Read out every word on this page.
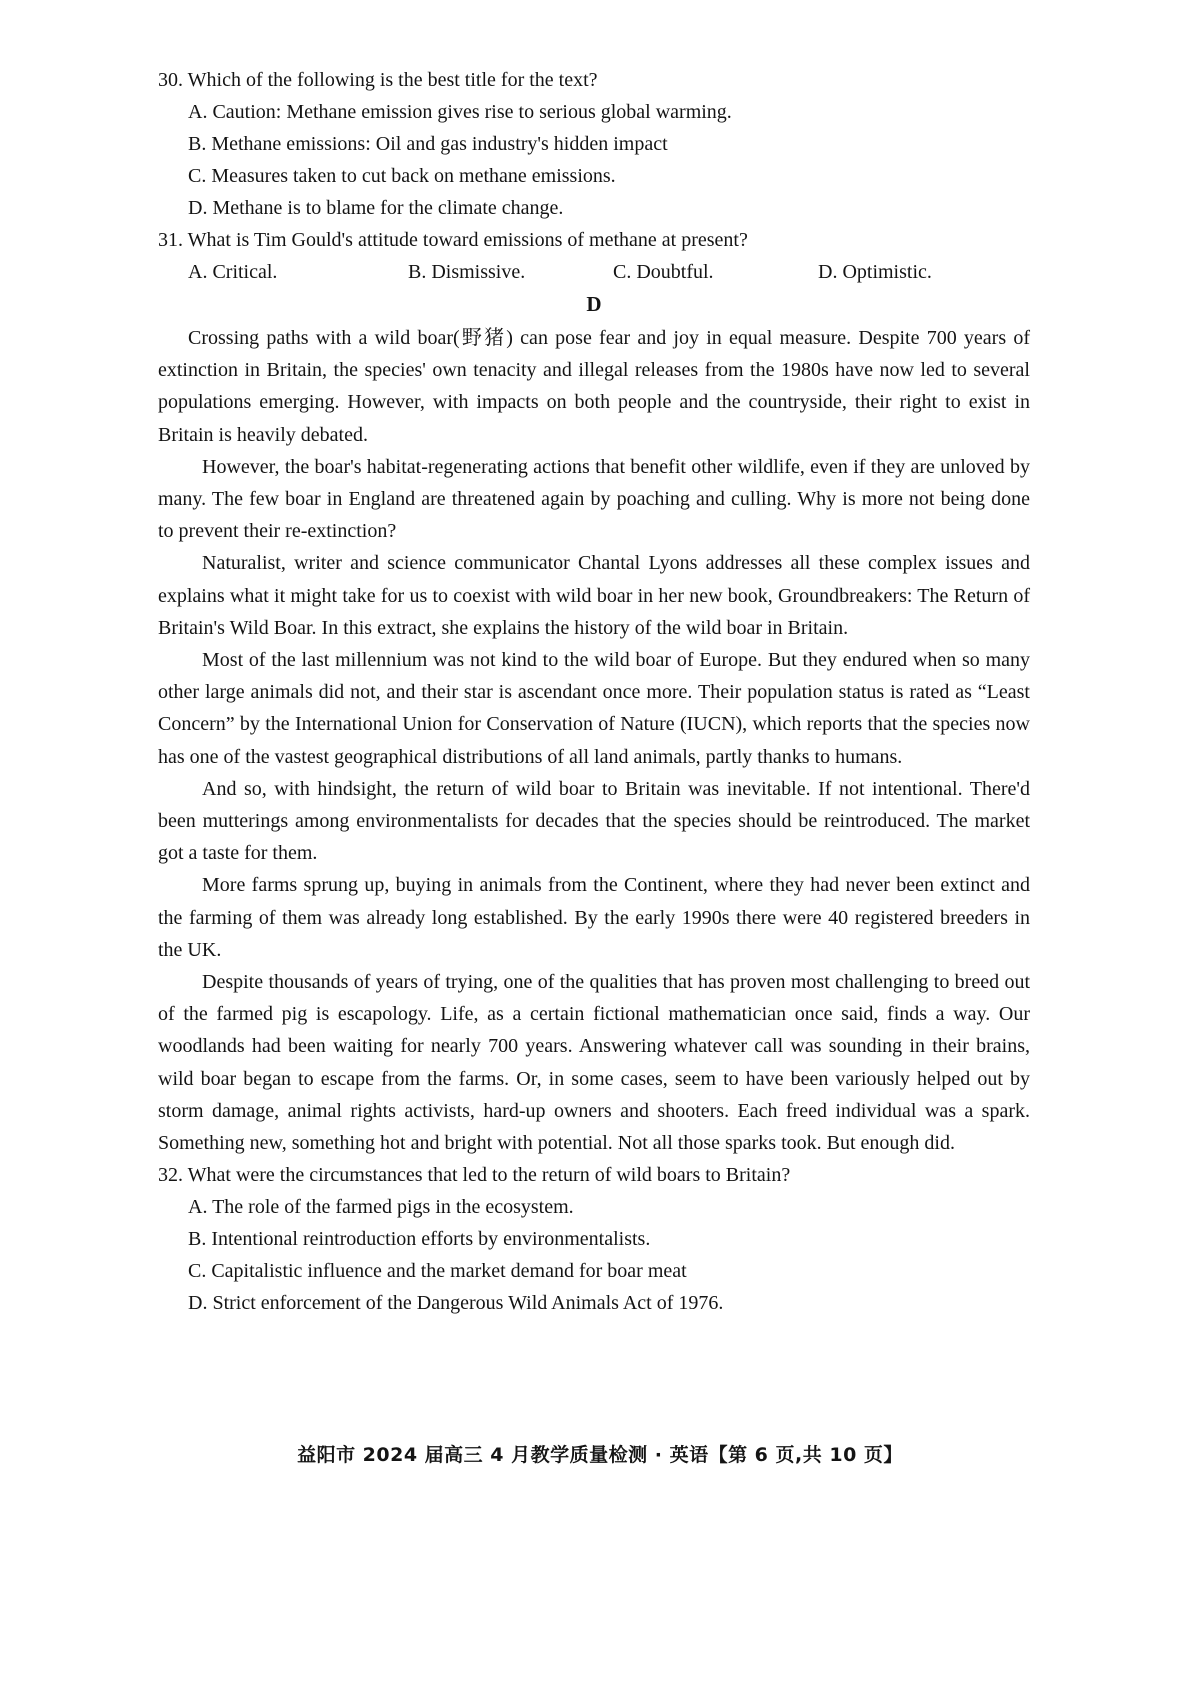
30. Which of the following is the best title for the text?

A. Caution: Methane emission gives rise to serious global warming.

B. Methane emissions: Oil and gas industry's hidden impact

C. Measures taken to cut back on methane emissions.

D. Methane is to blame for the climate change.

31. What is Tim Gould's attitude toward emissions of methane at present?

A. Critical.	B. Dismissive.	C. Doubtful.	D. Optimistic.
D

Crossing paths with a wild boar(野猪) can pose fear and joy in equal measure. Despite 700 years of extinction in Britain, the species' own tenacity and illegal releases from the 1980s have now led to several populations emerging. However, with impacts on both people and the countryside, their right to exist in Britain is heavily debated.

However, the boar's habitat-regenerating actions that benefit other wildlife, even if they are unloved by many. The few boar in England are threatened again by poaching and culling. Why is more not being done to prevent their re-extinction?

Naturalist, writer and science communicator Chantal Lyons addresses all these complex issues and explains what it might take for us to coexist with wild boar in her new book, Groundbreakers: The Return of Britain's Wild Boar. In this extract, she explains the history of the wild boar in Britain.

Most of the last millennium was not kind to the wild boar of Europe. But they endured when so many other large animals did not, and their star is ascendant once more. Their population status is rated as “Least Concern” by the International Union for Conservation of Nature (IUCN), which reports that the species now has one of the vastest geographical distributions of all land animals, partly thanks to humans.

And so, with hindsight, the return of wild boar to Britain was inevitable. If not intentional. There'd been mutterings among environmentalists for decades that the species should be reintroduced. The market got a taste for them.

More farms sprung up, buying in animals from the Continent, where they had never been extinct and the farming of them was already long established. By the early 1990s there were 40 registered breeders in the UK.

Despite thousands of years of trying, one of the qualities that has proven most challenging to breed out of the farmed pig is escapology. Life, as a certain fictional mathematician once said, finds a way. Our woodlands had been waiting for nearly 700 years. Answering whatever call was sounding in their brains, wild boar began to escape from the farms. Or, in some cases, seem to have been variously helped out by storm damage, animal rights activists, hard-up owners and shooters. Each freed individual was a spark. Something new, something hot and bright with potential. Not all those sparks took. But enough did.

32. What were the circumstances that led to the return of wild boars to Britain?

A. The role of the farmed pigs in the ecosystem.

B. Intentional reintroduction efforts by environmentalists.

C. Capitalistic influence and the market demand for boar meat

D. Strict enforcement of the Dangerous Wild Animals Act of 1976.

益阳市 2024 届高三 4 月教学质量检测 · 英语【第 6 页,共 10 页】
